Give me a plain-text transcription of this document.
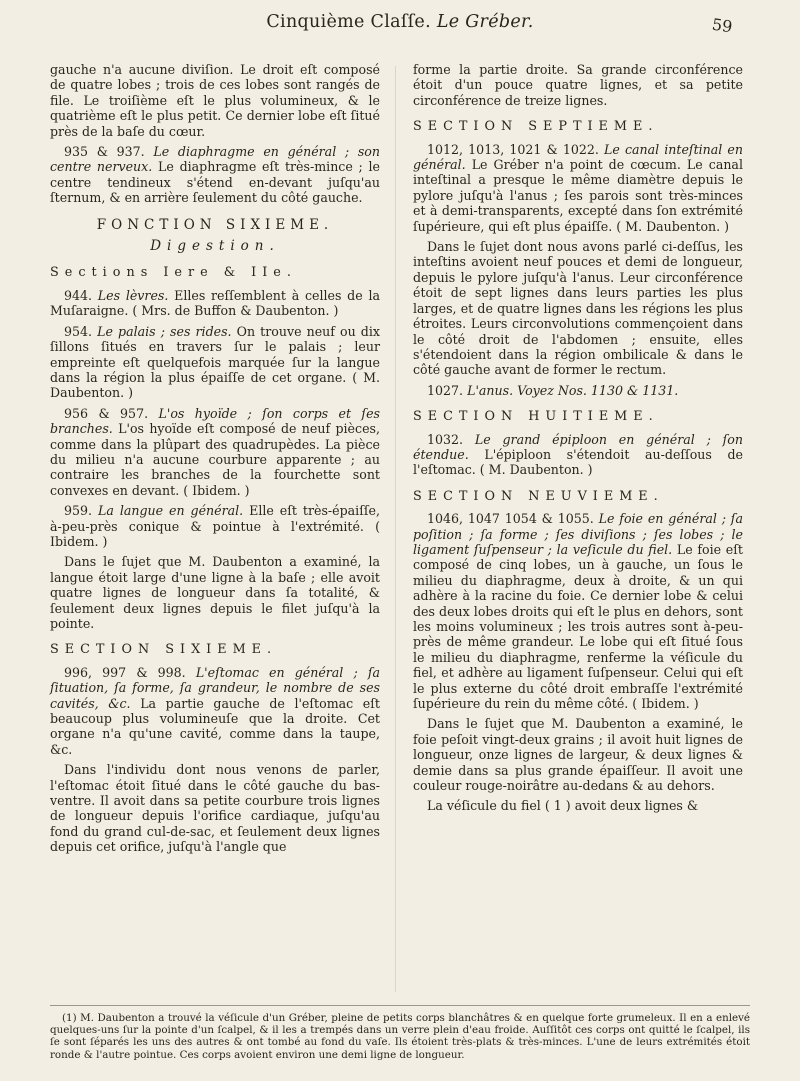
Cinquième Claſſe. Le Gréber.	59

gauche n'a aucune diviſion. Le droit eſt composé de quatre lobes ; trois de ces lobes sont rangés de file. Le troiſième eſt le plus volumineux, & le quatrième eſt le plus petit. Ce dernier lobe eſt ſitué près de la baſe du cœur.

935 & 937. Le diaphragme en général ; son centre nerveux. Le diaphragme eſt très-mince ; le centre tendineux s'étend en-devant juſqu'au ſternum, & en arrière ſeulement du côté gauche.

FONCTION SIXIEME.
Digestion.
Sections Iere & IIe.

944. Les lèvres. Elles reſſemblent à celles de la Muſaraigne. ( Mrs. de Buffon & Daubenton. )

954. Le palais ; ses rides. On trouve neuf ou dix ſillons ſitués en travers ſur le palais ; leur empreinte eſt quelquefois marquée ſur la langue dans la région la plus épaiſſe de cet organe. ( M. Daubenton. )

956 & 957. L'os hyoïde ; ſon corps et ſes branches. L'os hyoïde eſt composé de neuf pièces, comme dans la plûpart des quadrupèdes. La pièce du milieu n'a aucune courbure apparente ; au contraire les branches de la fourchette sont convexes en devant. ( Ibidem. )

959. La langue en général. Elle eſt très-épaiſſe, à-peu-près conique & pointue à l'extrémité. ( Ibidem. )

Dans le ſujet que M. Daubenton a examiné, la langue étoit large d'une ligne à la baſe ; elle avoit quatre lignes de longueur dans ſa totalité, & ſeulement deux lignes depuis le filet juſqu'à la pointe.

SECTION SIXIEME.

996, 997 & 998. L'eſtomac en général ; ſa ſituation, ſa forme, ſa grandeur, le nombre de ses cavités, &c. La partie gauche de l'eſtomac eſt beaucoup plus volumineuſe que la droite. Cet organe n'a qu'une cavité, comme dans la taupe, &c.

Dans l'individu dont nous venons de parler, l'eſtomac étoit ſitué dans le côté gauche du bas-ventre. Il avoit dans sa petite courbure trois lignes de longueur depuis l'orifice cardiaque, juſqu'au fond du grand cul-de-sac, et ſeulement deux lignes depuis cet orifice, juſqu'à l'angle que

forme la partie droite. Sa grande circonférence étoit d'un pouce quatre lignes, et sa petite circonférence de treize lignes.

SECTION SEPTIEME.

1012, 1013, 1021 & 1022. Le canal inteſtinal en général. Le Gréber n'a point de cœcum. Le canal inteſtinal a presque le même diamètre depuis le pylore juſqu'à l'anus ; ſes parois sont très-minces et à demi-transparents, excepté dans ſon extrémité ſupérieure, qui eſt plus épaiſſe. ( M. Daubenton. )

Dans le ſujet dont nous avons parlé ci-deſſus, les inteſtins avoient neuf pouces et demi de longueur, depuis le pylore juſqu'à l'anus. Leur circonférence étoit de sept lignes dans leurs parties les plus larges, et de quatre lignes dans les régions les plus étroites. Leurs circonvolutions commençoient dans le côté droit de l'abdomen ; ensuite, elles s'étendoient dans la région ombilicale & dans le côté gauche avant de former le rectum.

1027. L'anus. Voyez Nos. 1130 & 1131.

SECTION HUITIEME.

1032. Le grand épiploon en général ; ſon étendue. L'épiploon s'étendoit au-deſſous de l'eſtomac. ( M. Daubenton. )

SECTION NEUVIEME.

1046, 1047 1054 & 1055. Le foie en général ; ſa poſition ; ſa forme ; ſes diviſions ; ſes lobes ; le ligament ſuſpenseur ; la veſicule du fiel. Le foie eſt composé de cinq lobes, un à gauche, un ſous le milieu du diaphragme, deux à droite, & un qui adhère à la racine du foie. Ce dernier lobe & celui des deux lobes droits qui eſt le plus en dehors, sont les moins volumineux ; les trois autres sont à-peu-près de même grandeur. Le lobe qui eſt ſitué ſous le milieu du diaphragme, renferme la véſicule du fiel, et adhère au ligament ſuſpenseur. Celui qui eſt le plus externe du côté droit embraſſe l'extrémité ſupérieure du rein du même côté. ( Ibidem. )

Dans le ſujet que M. Daubenton a examiné, le foie peſoit vingt-deux grains ; il avoit huit lignes de longueur, onze lignes de largeur, & deux lignes & demie dans sa plus grande épaiſſeur. Il avoit une couleur rouge-noirâtre au-dedans & au dehors.

La véſicule du fiel ( 1 ) avoit deux lignes &

(1) M. Daubenton a trouvé la véſicule d'un Gréber, pleine de petits corps blanchâtres & en quelque forte grumeleux. Il en a enlevé quelques-uns ſur la pointe d'un ſcalpel, & il les a trempés dans un verre plein d'eau froide. Auſſitôt ces corps ont quitté le ſcalpel, ils ſe sont ſéparés les uns des autres & ont tombé au fond du vaſe. Ils étoient très-plats & très-minces. L'une de leurs extrémités étoit ronde & l'autre pointue. Ces corps avoient environ une demi ligne de longueur.
